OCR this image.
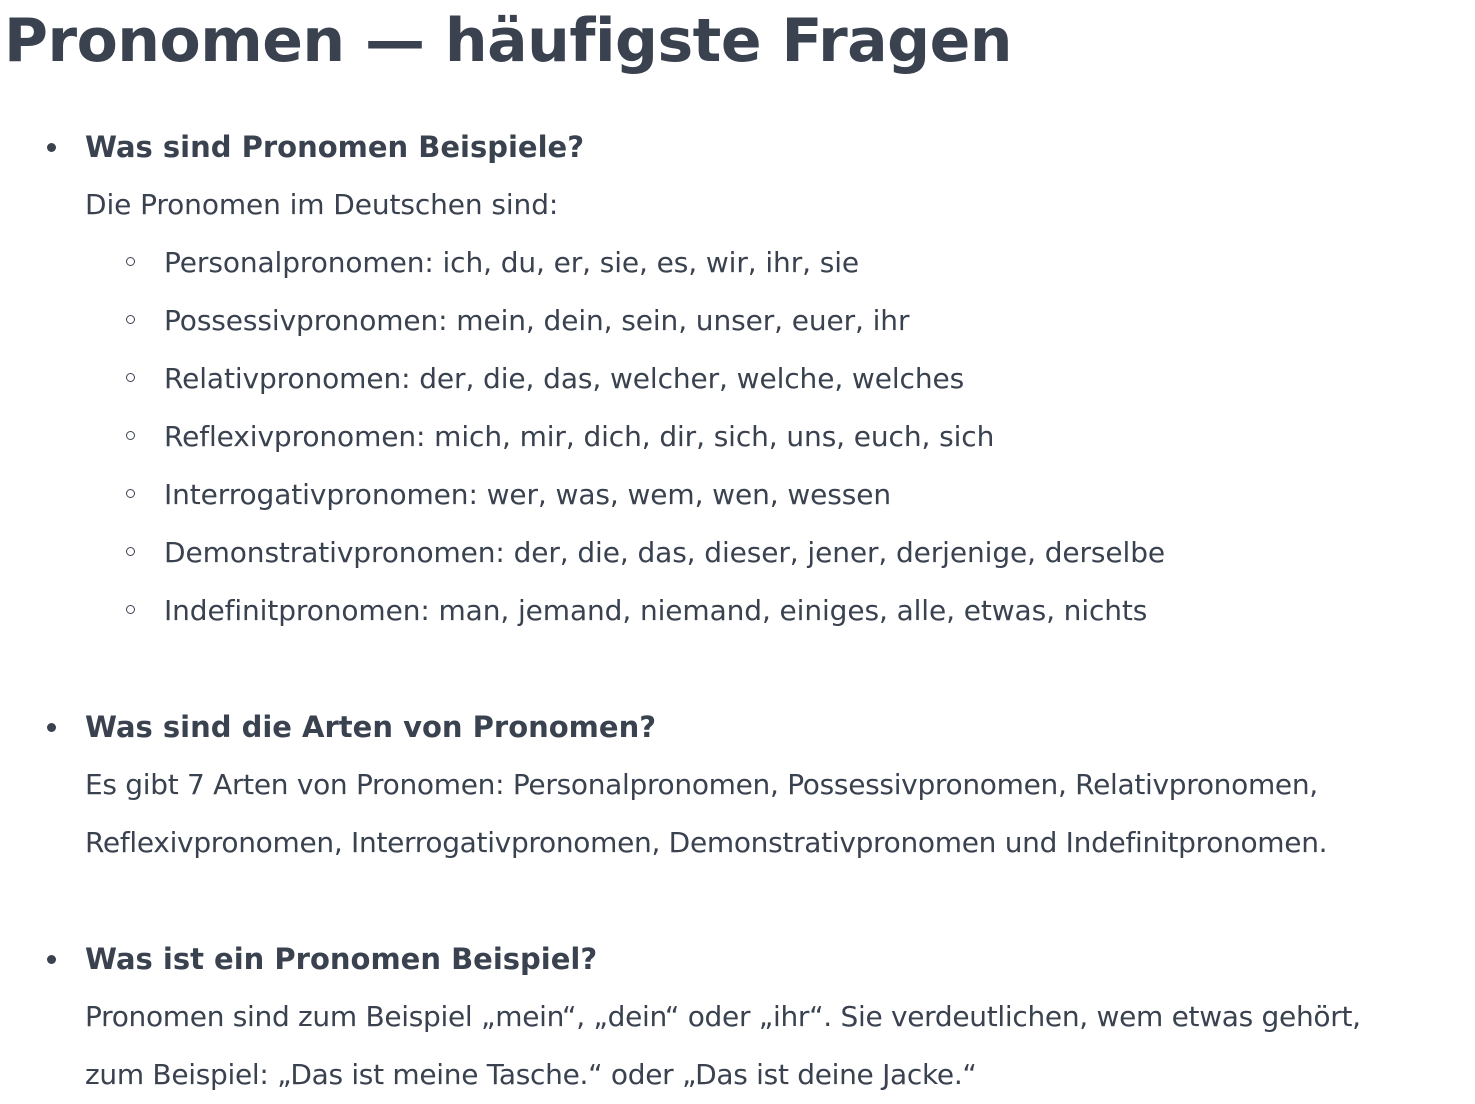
Pronomen — häufigste Fragen
Was sind Pronomen Beispiele?
Die Pronomen im Deutschen sind:
Personalpronomen: ich, du, er, sie, es, wir, ihr, sie
Possessivpronomen: mein, dein, sein, unser, euer, ihr
Relativpronomen: der, die, das, welcher, welche, welches
Reflexivpronomen: mich, mir, dich, dir, sich, uns, euch, sich
Interrogativpronomen: wer, was, wem, wen, wessen
Demonstrativpronomen: der, die, das, dieser, jener, derjenige, derselbe
Indefinitpronomen: man, jemand, niemand, einiges, alle, etwas, nichts
Was sind die Arten von Pronomen?
Es gibt 7 Arten von Pronomen: Personalpronomen, Possessivpronomen, Relativpronomen,
Reflexivpronomen, Interrogativpronomen, Demonstrativpronomen und Indefinitpronomen.
Was ist ein Pronomen Beispiel?
Pronomen sind zum Beispiel „mein“, „dein“ oder „ihr“. Sie verdeutlichen, wem etwas gehört,
zum Beispiel: „Das ist meine Tasche.“ oder „Das ist deine Jacke.“
